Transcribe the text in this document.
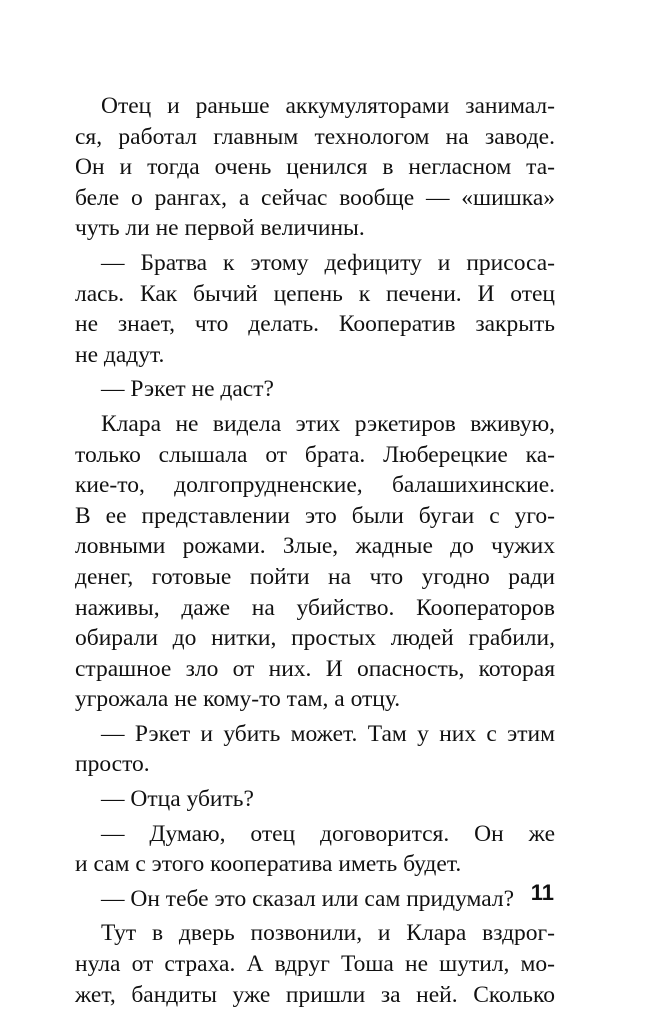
Отец и раньше аккумуляторами занимал-
ся, работал главным технологом на заводе.
Он и тогда очень ценился в негласном та-
беле о рангах, а сейчас вообще — «шишка»
чуть ли не первой величины.
— Братва к этому дефициту и присоса-
лась. Как бычий цепень к печени. И отец
не знает, что делать. Кооператив закрыть
не дадут.
— Рэкет не даст?
Клара не видела этих рэкетиров вживую,
только слышала от брата. Люберецкие ка-
кие-то, долгопрудненские, балашихинские.
В ее представлении это были бугаи с уго-
ловными рожами. Злые, жадные до чужих
денег, готовые пойти на что угодно ради
наживы, даже на убийство. Кооператоров
обирали до нитки, простых людей грабили,
страшное зло от них. И опасность, которая
угрожала не кому-то там, а отцу.
— Рэкет и убить может. Там у них с этим
просто.
— Отца убить?
— Думаю, отец договорится. Он же
и сам с этого кооператива иметь будет.
— Он тебе это сказал или сам придумал?
Тут в дверь позвонили, и Клара вздрог-
нула от страха. А вдруг Тоша не шутил, мо-
жет, бандиты уже пришли за ней. Сколько
11
